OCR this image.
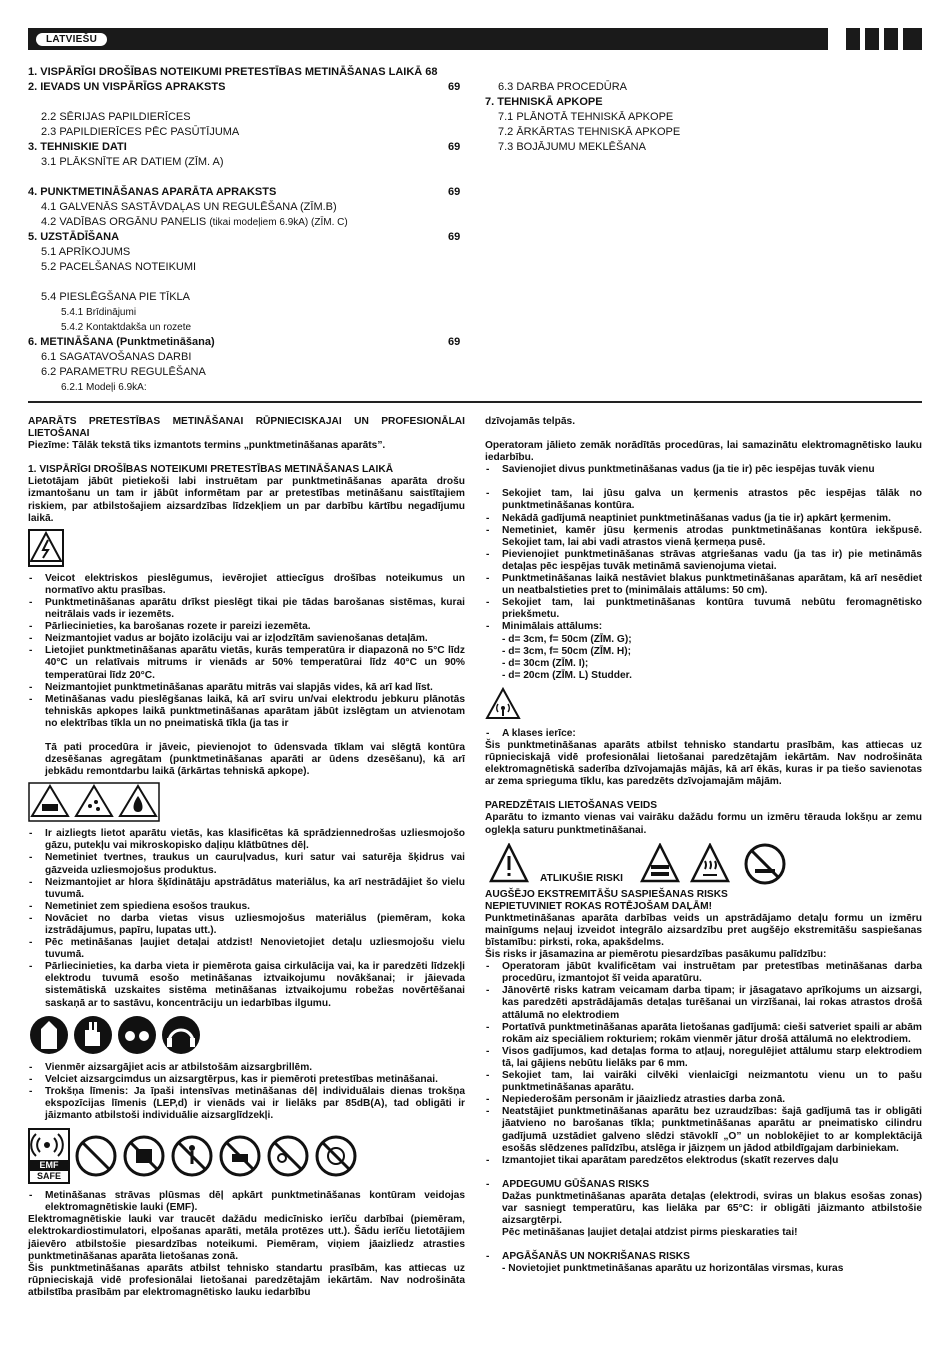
LATVIEŠU
1. VISPĀRĪGI DROŠĪBAS NOTEIKUMI PRETESTĪBAS METINĀŠANAS LAIKĀ 68
2. IEVADS UN VISPĀRĪGS APRAKSTS	69
2.2 SĒRIJAS PAPILDIERĪCES
2.3 PAPILDIERĪCES PĒC PASŪTĪJUMA
3. TEHNISKIE DATI	69
3.1 PLĀKSNĪTE AR DATIEM (ZĪM. A)
4. PUNKTMETINĀŠANAS APARĀTA APRAKSTS	69
4.1 GALVENĀS SASTĀVDAĻAS UN REGULĒŠANA (ZĪM.B)
4.2 VADĪBAS ORGĀNU PANELIS (tikai modeļiem 6.9kA) (ZĪM. C)
5. UZSTĀDĪŠANA	69
5.1 APRĪKOJUMS
5.2 PACELŠANAS NOTEIKUMI
5.4 PIESLĒGŠANA PIE TĪKLA
5.4.1 Brīdinājumi
5.4.2 Kontaktdakša un rozete
6. METINĀŠANA (Punktmetināšana)	69
6.1 SAGATAVOŠANAS DARBI
6.2 PARAMETRU REGULĒŠANA
6.2.1 Modeļi 6.9kA:
6.3 DARBA PROCEDŪRA
7. TEHNISKĀ APKOPE
7.1 PLĀNOTĀ TEHNISKĀ APKOPE
7.2 ĀRKĀRTAS TEHNISKĀ APKOPE
7.3 BOJĀJUMU MEKLĒŠANA

APARĀTS PRETESTĪBAS METINĀŠANAI RŪPNIECISKAJAI UN PROFESIONĀLAI LIETOŠANAI

Piezīme: Tālāk tekstā tiks izmantots termins „punktmetināšanas aparāts”.

1. VISPĀRĪGI DROŠĪBAS NOTEIKUMI PRETESTĪBAS METINĀŠANAS LAIKĀ

Lietotājam jābūt pietiekoši labi instruētam par punktmetināšanas aparāta drošu izmantošanu un tam ir jābūt informētam par ar pretestības metināšanu saistītajiem riskiem, par atbilstošajiem aizsardzības līdzekļiem un par darbību kārtību negadījumu laikā.

- Veicot elektriskos pieslēgumus, ievērojiet attiecīgus drošības noteikumus un normatīvo aktu prasības.
- Punktmetināšanas aparātu drīkst pieslēgt tikai pie tādas barošanas sistēmas, kurai neitrālais vads ir iezemēts.
- Pārliecinieties, ka barošanas rozete ir pareizi iezemēta.
- Neizmantojiet vadus ar bojāto izolāciju vai ar izļodzītām savienošanas detaļām.
- Lietojiet punktmetināšanas aparātu vietās, kurās temperatūra ir diapazonā no 5°C līdz 40°C un relatīvais mitrums ir vienāds ar 50% temperatūrai līdz 40°C un 90% temperatūrai līdz 20°C.
- Neizmantojiet punktmetināšanas aparātu mitrās vai slapjās vides, kā arī kad līst.
- Metināšanas vadu pieslēgšanas laikā, kā arī sviru un/vai elektrodu jebkuru plānotās tehniskās apkopes laikā punktmetināšanas aparātam jābūt izslēgtam un atvienotam no elektrības tīkla un no pneimatiskā tīkla (ja tas ir
Tā pati procedūra ir jāveic, pievienojot to ūdensvada tīklam vai slēgtā kontūra dzesēšanas agregātam (punktmetināšanas aparāti ar ūdens dzesēšanu), kā arī jebkādu remontdarbu laikā (ārkārtas tehniskā apkope).
- Ir aizliegts lietot aparātu vietās, kas klasificētas kā sprādziennedrošas uzliesmojošo gāzu, putekļu vai mikroskopisko daļiņu klātbūtnes dēļ.
- Nemetiniet tvertnes, traukus un cauruļvadus, kuri satur vai saturēja šķidrus vai gāzveida uzliesmojošus produktus.
- Neizmantojiet ar hlora šķīdinātāju apstrādātus materiālus, ka arī nestrādājiet šo vielu tuvumā.
- Nemetiniet zem spiediena esošos traukus.
- Novāciet no darba vietas visus uzliesmojošus materiālus (piemēram, koka izstrādājumus, papīru, lupatas utt.).
- Pēc metināšanas ļaujiet detaļai atdzist! Nenovietojiet detaļu uzliesmojošu vielu tuvumā.
- Pārliecinieties, ka darba vieta ir piemērota gaisa cirkulācija vai, ka ir paredzēti līdzekļi elektrodu tuvumā esošo metināšanas iztvaikojumu novākšanai; ir jāievada sistemātiskā uzskaites sistēma metināšanas iztvaikojumu robežas novērtēšanai saskaņā ar to sastāvu, koncentrāciju un iedarbības ilgumu.
- Vienmēr aizsargājiet acis ar atbilstošām aizsargbrillēm.
- Velciet aizsargcimdus un aizsargtērpus, kas ir piemēroti pretestības metināšanai.
- Trokšņa līmenis: Ja īpaši intensīvas metināšanas dēļ individuālais dienas trokšņa ekspozīcijas līmenis (LEP,d) ir vienāds vai ir lielāks par 85dB(A), tad obligāti ir jāizmanto atbilstoši individuālie aizsarglīdzekļi.
EMF
SAFE
- Metināšanas strāvas plūsmas dēļ apkārt punktmetināšanas kontūram veidojas elektromagnētiskie lauki (EMF).

Elektromagnētiskie lauki var traucēt dažādu medicīnisko ierīču darbībai (piemēram, elektrokardiostimulatori, elpošanas aparāti, metāla protēzes utt.). Šādu ierīču lietotājiem jāievēro atbilstošie piesardzības noteikumi. Piemēram, viņiem jāaizliedz atrasties punktmetināšanas aparāta lietošanas zonā.

Šis punktmetināšanas aparāts atbilst tehnisko standartu prasībām, kas attiecas uz rūpnieciskajā vidē profesionālai lietošanai paredzētajām iekārtām. Nav nodrošināta atbilstība prasībām par elektromagnētisko lauku iedarbību

dzīvojamās telpās.

Operatoram jālieto zemāk norādītās procedūras, lai samazinātu elektromagnētisko lauku iedarbību.

- Savienojiet divus punktmetināšanas vadus (ja tie ir) pēc iespējas tuvāk vienu
- Sekojiet tam, lai jūsu galva un ķermenis atrastos pēc iespējas tālāk no punktmetināšanas kontūra.
- Nekādā gadījumā neaptiniet punktmetināšanas vadus (ja tie ir) apkārt ķermenim.
- Nemetiniet, kamēr jūsu ķermenis atrodas punktmetināšanas kontūra iekšpusē. Sekojiet tam, lai abi vadi atrastos vienā ķermeņa pusē.
- Pievienojiet punktmetināšanas strāvas atgriešanas vadu (ja tas ir) pie metināmās detaļas pēc iespējas tuvāk metināmā savienojuma vietai.
- Punktmetināšanas laikā nestāviet blakus punktmetināšanas aparātam, kā arī nesēdiet un neatbalstieties pret to (minimālais attālums: 50 cm).
- Sekojiet tam, lai punktmetināšanas kontūra tuvumā nebūtu feromagnētisko priekšmetu.
- Minimālais attālums:
- d= 3cm, f= 50cm (ZĪM. G);
- d= 3cm, f= 50cm (ZĪM. H);
- d= 30cm (ZĪM. I);
- d= 20cm (ZĪM. L) Studder.
- A klases ierīce:

Šis punktmetināšanas aparāts atbilst tehnisko standartu prasībām, kas attiecas uz rūpnieciskajā vidē profesionālai lietošanai paredzētajām iekārtām. Nav nodrošināta elektromagnētiskā saderība dzīvojamajās mājās, kā arī ēkās, kuras ir pa tiešo savienotas ar zema sprieguma tīklu, kas paredzēts dzīvojamajām mājām.

PAREDZĒTAIS LIETOŠANAS VEIDS

Aparātu to izmanto vienas vai vairāku dažādu formu un izmēru tērauda lokšņu ar zemu oglekļa saturu punktmetināšanai.

ATLIKUŠIE RISKI

AUGŠĒJO EKSTREMITĀŠU SASPIEŠANAS RISKS

NEPIETUVINIET ROKAS ROTĒJOŠAM DAĻĀM!

Punktmetināšanas aparāta darbības veids un apstrādājamo detaļu formu un izmēru mainīgums neļauj izveidot integrālo aizsardzību pret augšējo ekstremitāšu saspiešanas bīstamību: pirksti, roka, apakšdelms.

Šis risks ir jāsamazina ar piemērotu piesardzības pasākumu palīdzību:

- Operatoram jābūt kvalificētam vai instruētam par pretestības metināšanas darba procedūru, izmantojot šī veida aparatūru.
- Jānovērtē risks katram veicamam darba tipam; ir jāsagatavo aprīkojums un aizsargi, kas paredzēti apstrādājamās detaļas turēšanai un virzīšanai, lai rokas atrastos drošā attālumā no elektrodiem
- Portatīvā punktmetināšanas aparāta lietošanas gadījumā: cieši satveriet spaili ar abām rokām aiz speciāliem rokturiem; rokām vienmēr jātur drošā attālumā no elektrodiem.
- Visos gadījumos, kad detaļas forma to atļauj, noregulējiet attālumu starp elektrodiem tā, lai gājiens nebūtu lielāks par 6 mm.
- Sekojiet tam, lai vairāki cilvēki vienlaicīgi neizmantotu vienu un to pašu punktmetināšanas aparātu.
- Nepiederošām personām ir jāaizliedz atrasties darba zonā.
- Neatstājiet punktmetināšanas aparātu bez uzraudzības: šajā gadījumā tas ir obligāti jāatvieno no barošanas tīkla; punktmetināšanas aparātu ar pneimatisko cilindru gadījumā uzstādiet galveno slēdzi stāvoklī „O” un noblokējiet to ar komplektācijā esošās slēdzenes palīdzību, atslēga ir jāizņem un jādod atbildīgajam darbiniekam.
- Izmantojiet tikai aparātam paredzētos elektrodus (skatīt rezerves daļu
- APDEGUMU GŪŠANAS RISKS
Dažas punktmetināšanas aparāta detaļas (elektrodi, sviras un blakus esošas zonas) var sasniegt temperatūru, kas lielāka par 65°C: ir obligāti jāizmanto atbilstošie aizsargtērpi.
Pēc metināšanas ļaujiet detaļai atdzist pirms pieskaraties tai!
- APGĀŠANĀS UN NOKRIŠANAS RISKS
- Novietojiet punktmetināšanas aparātu uz horizontālas virsmas, kuras
